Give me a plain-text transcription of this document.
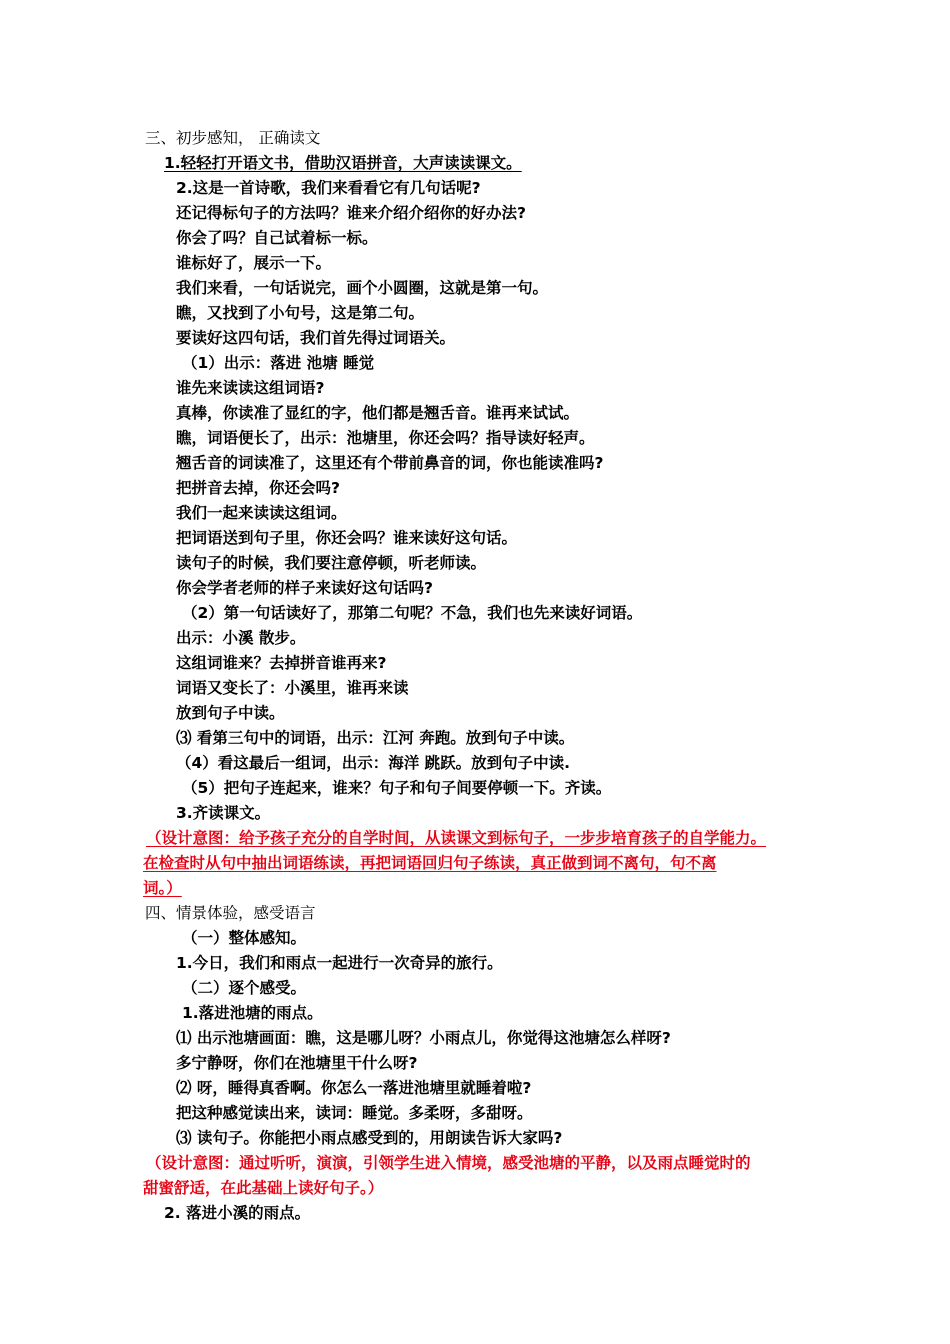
三、初步感知， 正确读文
1.轻轻打开语文书，借助汉语拼音，大声读读课文。
2.这是一首诗歌，我们来看看它有几句话呢?
还记得标句子的方法吗？谁来介绍介绍你的好办法?
你会了吗？自己试着标一标。
谁标好了，展示一下。
我们来看，一句话说完，画个小圆圈，这就是第一句。
瞧，又找到了小句号，这是第二句。
要读好这四句话，我们首先得过词语关。
（1）出示：落进 池塘 睡觉
谁先来读读这组词语?
真棒，你读准了显红的字，他们都是翘舌音。谁再来试试。
瞧，词语便长了，出示：池塘里，你还会吗？指导读好轻声。
翘舌音的词读准了，这里还有个带前鼻音的词，你也能读准吗?
把拼音去掉，你还会吗?
我们一起来读读这组词。
把词语送到句子里，你还会吗？谁来读好这句话。
读句子的时候，我们要注意停顿，听老师读。
你会学者老师的样子来读好这句话吗?
（2）第一句话读好了，那第二句呢？不急，我们也先来读好词语。
出示：小溪 散步。
这组词谁来？去掉拼音谁再来?
词语又变长了：小溪里，谁再来读
放到句子中读。
⑶ 看第三句中的词语，出示：江河 奔跑。放到句子中读。
（4）看这最后一组词，出示：海洋 跳跃。放到句子中读.
（5）把句子连起来，谁来？句子和句子间要停顿一下。齐读。
3.齐读课文。
（设计意图：给予孩子充分的自学时间，从读课文到标句子，一步步培育孩子的自学能力。
在检查时从句中抽出词语练读，再把词语回归句子练读，真正做到词不离句，句不离
词。）
四、情景体验，感受语言
（一）整体感知。
1.今日，我们和雨点一起进行一次奇异的旅行。
（二）逐个感受。
1.落进池塘的雨点。
⑴ 出示池塘画面：瞧，这是哪儿呀？小雨点儿，你觉得这池塘怎么样呀?
多宁静呀，你们在池塘里干什么呀?
⑵ 呀，睡得真香啊。你怎么一落进池塘里就睡着啦?
把这种感觉读出来，读词：睡觉。多柔呀，多甜呀。
⑶ 读句子。你能把小雨点感受到的，用朗读告诉大家吗?
（设计意图：通过听听，演演，引领学生进入情境，感受池塘的平静，以及雨点睡觉时的
甜蜜舒适，在此基础上读好句子。）
2. 落进小溪的雨点。
